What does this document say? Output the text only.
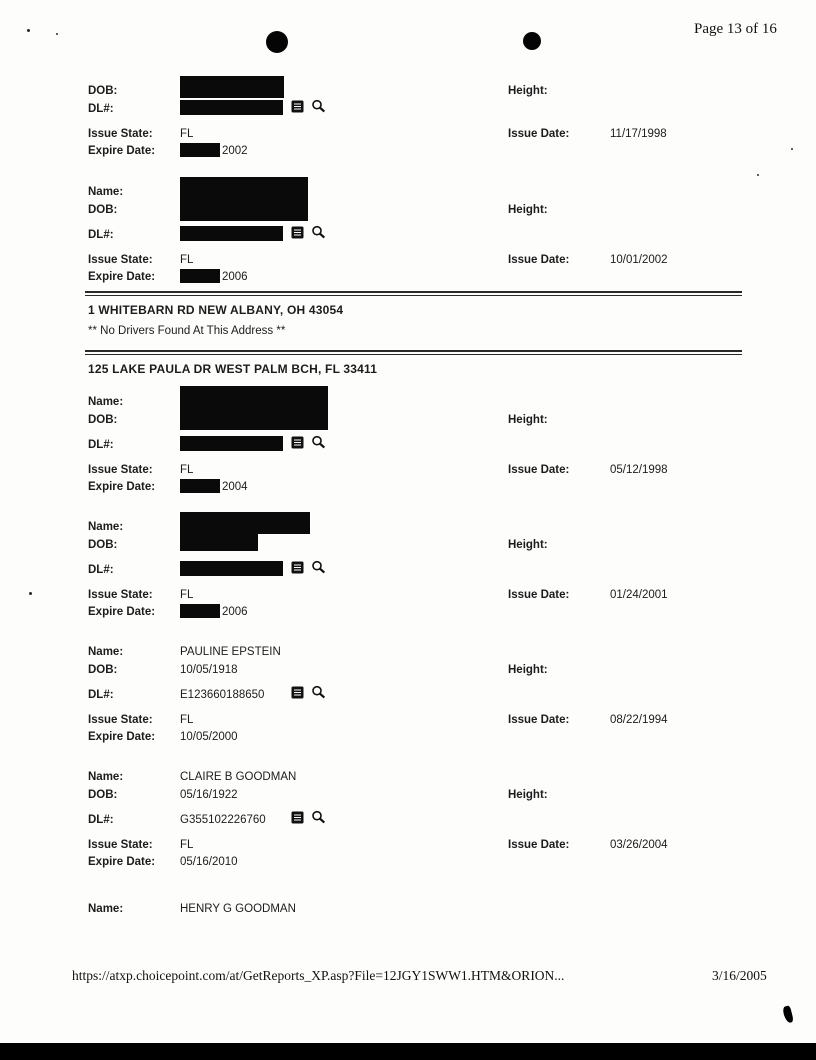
Page 13 of 16
DOB:	Height:
DL#:
Issue State: FL	Issue Date:	11/17/1998
Expire Date:	2002
Name:
DOB:	Height:
DL#:
Issue State: FL	Issue Date:	10/01/2002
Expire Date:	2006
1 WHITEBARN RD NEW ALBANY, OH 43054
** No Drivers Found At This Address **
125 LAKE PAULA DR WEST PALM BCH, FL 33411
Name:
DOB:	Height:
DL#:
Issue State: FL	Issue Date:	05/12/1998
Expire Date:	2004
Name:
DOB:	Height:
DL#:
Issue State: FL	Issue Date:	01/24/2001
Expire Date:	2006
Name:	PAULINE EPSTEIN
DOB:	10/05/1918	Height:
DL#:	E123660188650
Issue State: FL	Issue Date:	08/22/1994
Expire Date: 10/05/2000
Name:	CLAIRE B GOODMAN
DOB:	05/16/1922	Height:
DL#:	G355102226760
Issue State: FL	Issue Date:	03/26/2004
Expire Date: 05/16/2010
Name:	HENRY G GOODMAN
https://atxp.choicepoint.com/at/GetReports_XP.asp?File=12JGY1SWW1.HTM&ORION...	3/16/2005
